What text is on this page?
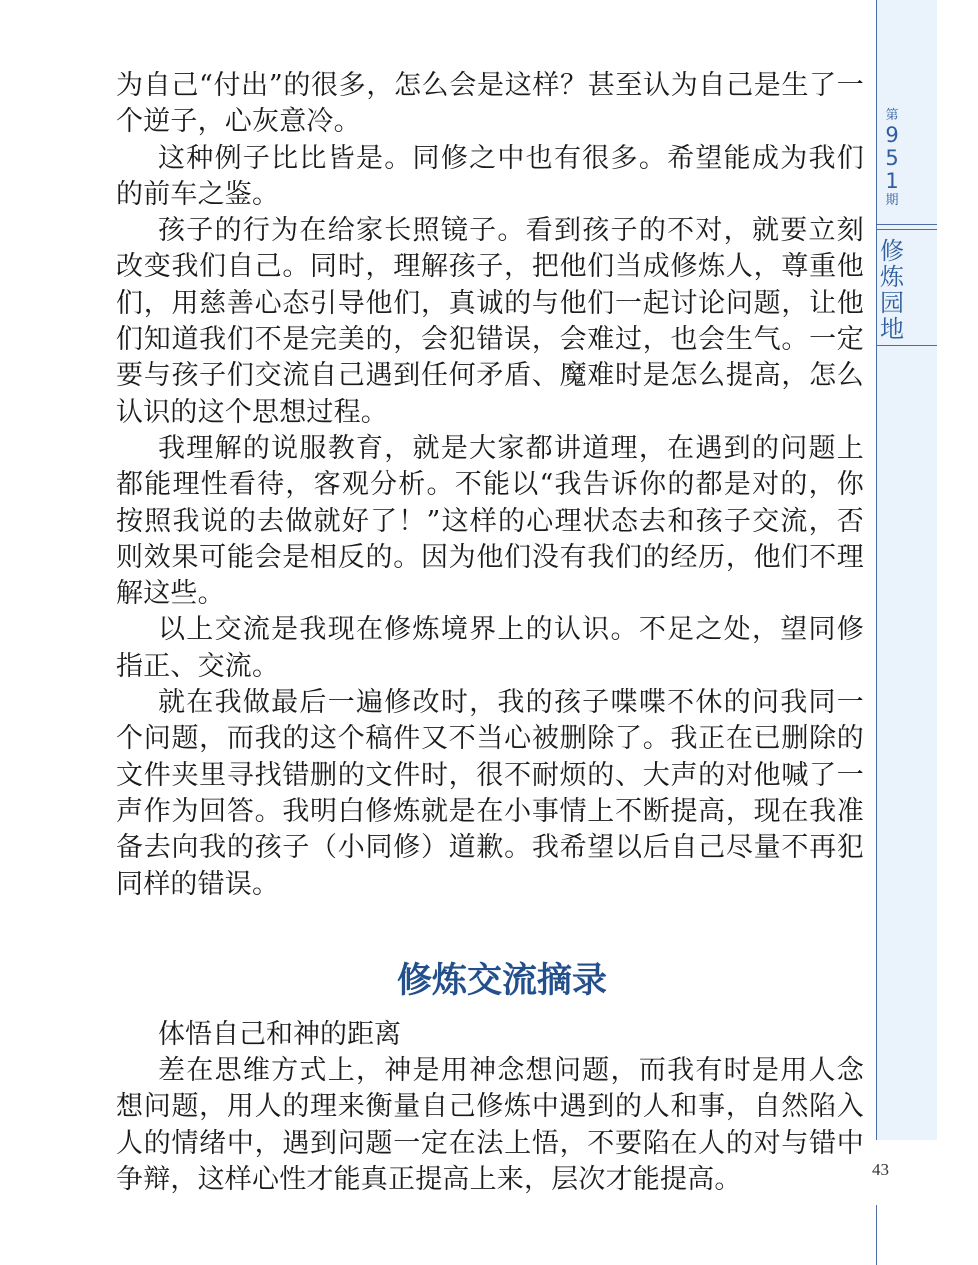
第
9
5
1
期
修
炼
园
地
43

为自己“付出”的很多，怎么会是这样？甚至认为自己是生了一个逆子，心灰意冷。

这种例子比比皆是。同修之中也有很多。希望能成为我们的前车之鉴。

孩子的行为在给家长照镜子。看到孩子的不对，就要立刻改变我们自己。同时，理解孩子，把他们当成修炼人，尊重他们，用慈善心态引导他们，真诚的与他们一起讨论问题，让他们知道我们不是完美的，会犯错误，会难过，也会生气。一定要与孩子们交流自己遇到任何矛盾、魔难时是怎么提高，怎么认识的这个思想过程。

我理解的说服教育，就是大家都讲道理，在遇到的问题上都能理性看待，客观分析。不能以“我告诉你的都是对的，你按照我说的去做就好了！”这样的心理状态去和孩子交流，否则效果可能会是相反的。因为他们没有我们的经历，他们不理解这些。

以上交流是我现在修炼境界上的认识。不足之处，望同修指正、交流。

就在我做最后一遍修改时，我的孩子喋喋不休的问我同一个问题，而我的这个稿件又不当心被删除了。我正在已删除的文件夹里寻找错删的文件时，很不耐烦的、大声的对他喊了一声作为回答。我明白修炼就是在小事情上不断提高，现在我准备去向我的孩子（小同修）道歉。我希望以后自己尽量不再犯同样的错误。

修炼交流摘录

体悟自己和神的距离

差在思维方式上，神是用神念想问题，而我有时是用人念想问题，用人的理来衡量自己修炼中遇到的人和事，自然陷入人的情绪中，遇到问题一定在法上悟，不要陷在人的对与错中争辩，这样心性才能真正提高上来，层次才能提高。
